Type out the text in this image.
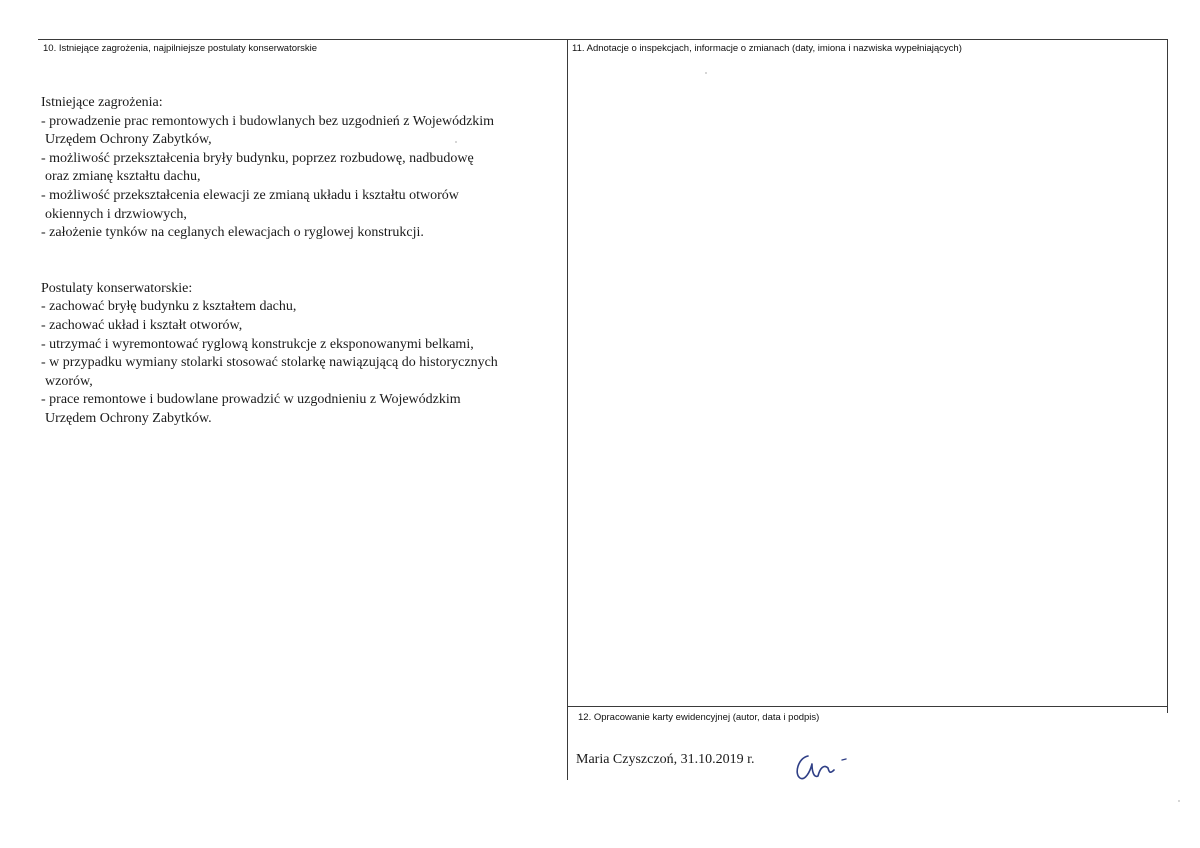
10. Istniejące zagrożenia, najpilniejsze postulaty konserwatorskie
Istniejące zagrożenia:
- prowadzenie prac remontowych i budowlanych bez uzgodnień z Wojewódzkim
Urzędem Ochrony Zabytków,
- możliwość przekształcenia bryły budynku, poprzez rozbudowę, nadbudowę
oraz zmianę kształtu dachu,
- możliwość przekształcenia elewacji ze zmianą układu i kształtu otworów
okiennych i drzwiowych,
- założenie tynków na ceglanych elewacjach o ryglowej konstrukcji.
Postulaty konserwatorskie:
- zachować bryłę budynku z kształtem dachu,
- zachować układ i kształt otworów,
- utrzymać i wyremontować ryglową konstrukcje z eksponowanymi belkami,
- w przypadku wymiany stolarki stosować stolarkę nawiązującą do historycznych
wzorów,
- prace remontowe i budowlane prowadzić w uzgodnieniu z Wojewódzkim
Urzędem Ochrony Zabytków.
11. Adnotacje o inspekcjach, informacje o zmianach (daty, imiona i nazwiska wypełniających)
12. Opracowanie karty ewidencyjnej (autor, data i podpis)
Maria Czyszczoń, 31.10.2019 r.
